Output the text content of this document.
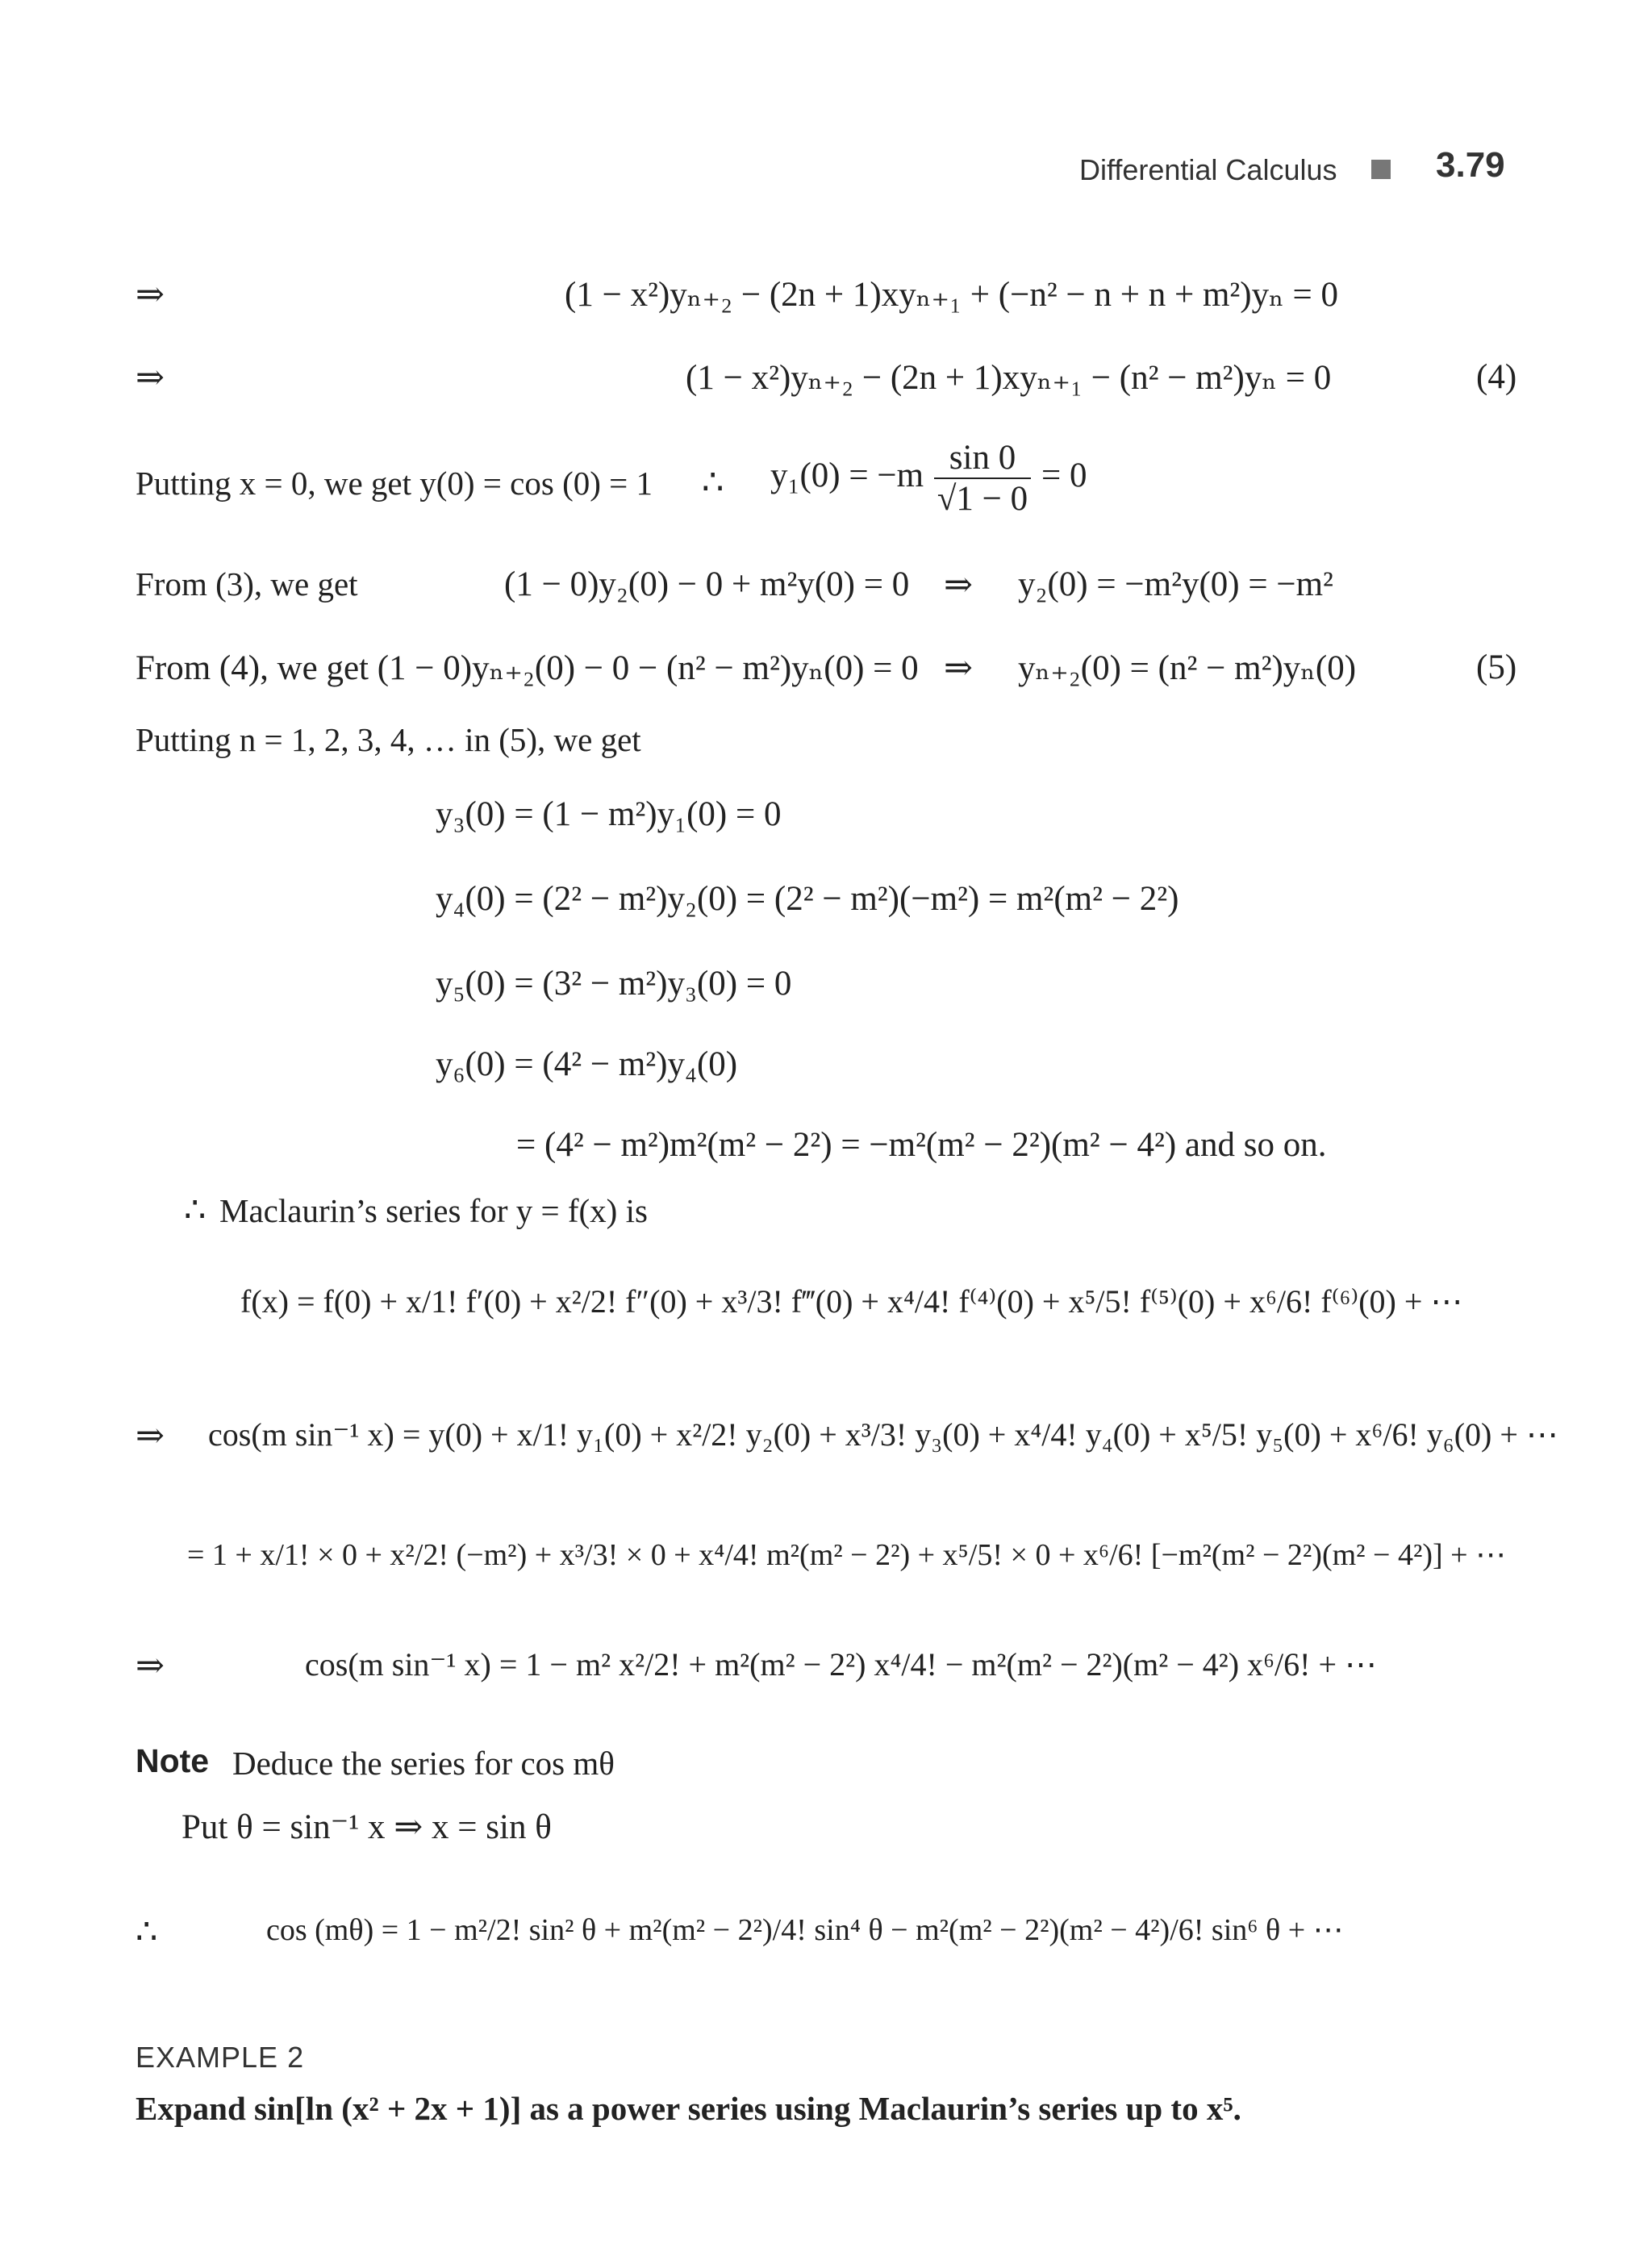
Differential Calculus	3.79
⇒	(1 − x²)yₙ₊₂ − (2n + 1)xyₙ₊₁ + (−n² − n + n + m²)yₙ = 0
⇒	(1 − x²)yₙ₊₂ − (2n + 1)xyₙ₊₁ − (n² − m²)yₙ = 0	(4)
Putting x = 0, we get y(0) = cos (0) = 1 ∴ $y_1(0) = -m \frac{\sin 0}{√1 - 0} = 0$
From (3), we get	(1 − 0)y₂(0) − 0 + m²y(0) = 0 ⇒ y₂(0) = −m²y(0) = −m²
From (4), we get (1 − 0)yₙ₊₂(0) − 0 − (n² − m²)yₙ(0) = 0 ⇒ yₙ₊₂(0) = (n² − m²)yₙ(0)	(5)
Putting n = 1, 2, 3, 4, … in (5), we get
y₃(0) = (1 − m²)y₁(0) = 0
y₄(0) = (2² − m²)y₂(0) = (2² − m²)(−m²) = m²(m² − 2²)
y₅(0) = (3² − m²)y₃(0) = 0
y₆(0) = (4² − m²)y₄(0)
= (4² − m²)m²(m² − 2²) = −m²(m² − 2²)(m² − 4²) and so on.
∴ Maclaurin’s series for y = f(x) is
f(x) = f(0) + x/1! f′(0) + x²/2! f″(0) + x³/3! f‴(0) + x⁴/4! f⁽⁴⁾(0) + x⁵/5! f⁽⁵⁾(0) + x⁶/6! f⁽⁶⁾(0) + ⋯
⇒ cos(m sin⁻¹ x) = y(0) + x/1! y₁(0) + x²/2! y₂(0) + x³/3! y₃(0) + x⁴/4! y₄(0) + x⁵/5! y₅(0) + x⁶/6! y₆(0) + ⋯
= 1 + x/1! × 0 + x²/2! (−m²) + x³/3! × 0 + x⁴/4! m²(m² − 2²) + x⁵/5! × 0 + x⁶/6! [−m²(m² − 2²)(m² − 4²)] + ⋯
⇒	cos(m sin⁻¹ x) = 1 − m² x²/2! + m²(m² − 2²) x⁴/4! − m²(m² − 2²)(m² − 4²) x⁶/6! + ⋯
Note Deduce the series for cos mθ
Put θ = sin⁻¹ x ⇒ x = sin θ
∴	cos (mθ) = 1 − m²/2! sin² θ + m²(m² − 2²)/4! sin⁴ θ − m²(m² − 2²)(m² − 4²)/6! sin⁶ θ + ⋯
EXAMPLE 2
Expand sin[ln (x² + 2x + 1)] as a power series using Maclaurin’s series up to x⁵.
